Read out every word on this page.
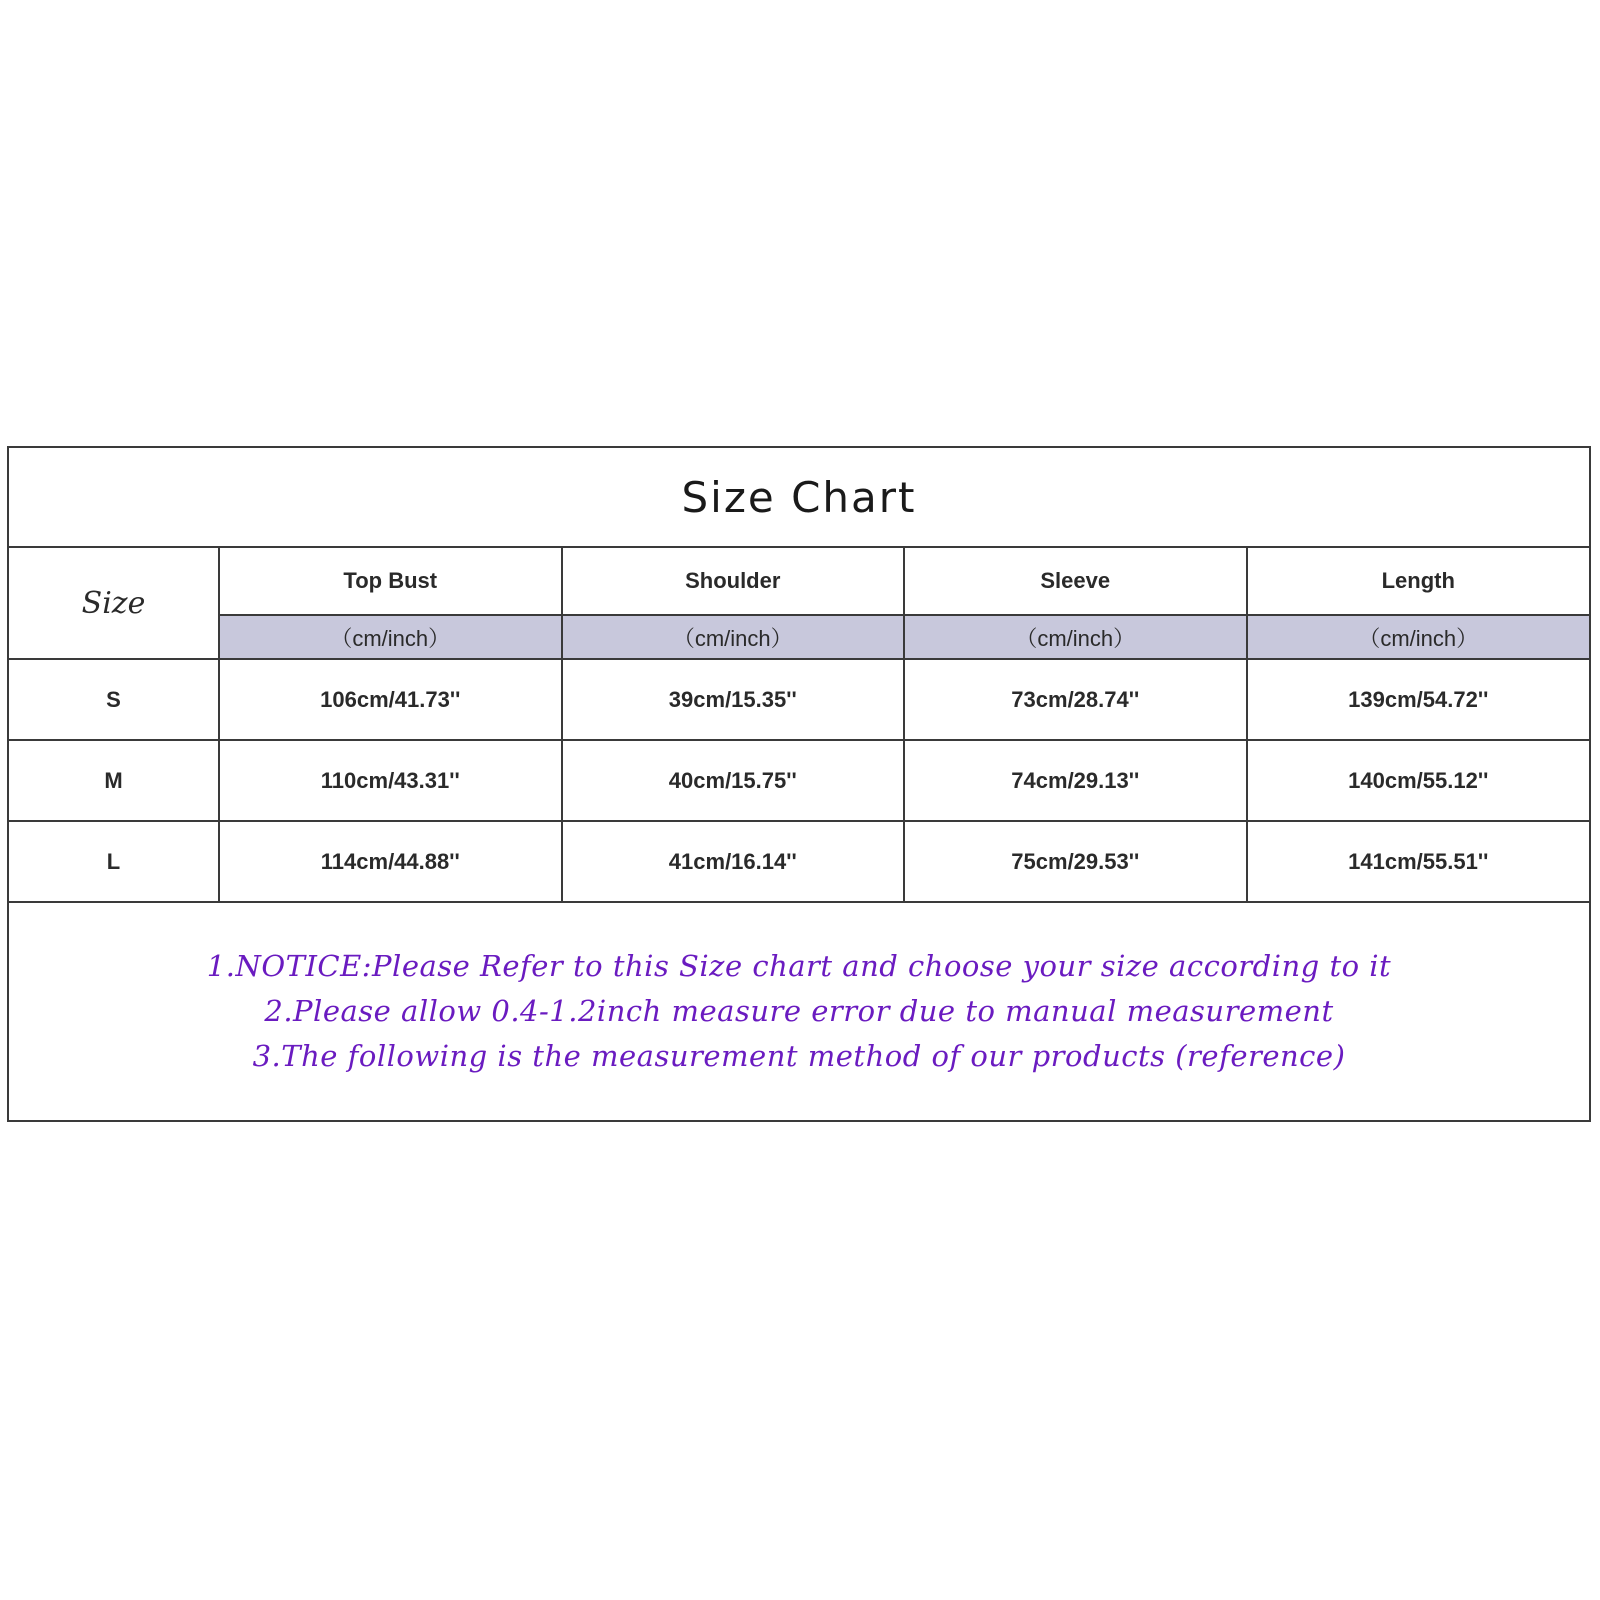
Size Chart
Size	Top Bust	Shoulder	Sleeve	Length
	（cm/inch）	（cm/inch）	（cm/inch）	（cm/inch）
S	106cm/41.73''	39cm/15.35''	73cm/28.74''	139cm/54.72''
M	110cm/43.31''	40cm/15.75''	74cm/29.13''	140cm/55.12''
L	114cm/44.88''	41cm/16.14''	75cm/29.53''	141cm/55.51''
1.NOTICE:Please Refer to this Size chart and choose your size according to it
2.Please allow 0.4-1.2inch measure error due to manual measurement
3.The following is the measurement method of our products (reference)
